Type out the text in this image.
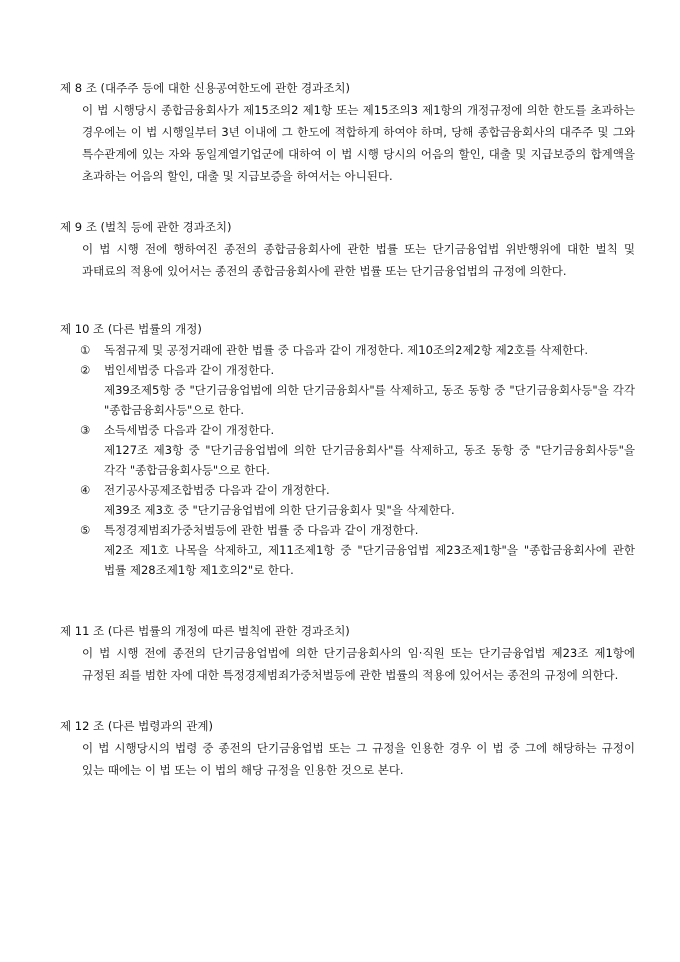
제 8 조 (대주주 등에 대한 신용공여한도에 관한 경과조치)
이 법 시행당시 종합금융회사가 제15조의2 제1항 또는 제15조의3 제1항의 개정규정에 의한 한도를 초과하는 경우에는 이 법 시행일부터 3년 이내에 그 한도에 적합하게 하여야 하며, 당해 종합금융회사의 대주주 및 그와 특수관계에 있는 자와 동일계열기업군에 대하여 이 법 시행 당시의 어음의 할인, 대출 및 지급보증의 합계액을 초과하는 어음의 할인, 대출 및 지급보증을 하여서는 아니된다.
제 9 조 (벌칙 등에 관한 경과조치)
이 법 시행 전에 행하여진 종전의 종합금융회사에 관한 법률 또는 단기금융업법 위반행위에 대한 벌칙 및 과태료의 적용에 있어서는 종전의 종합금융회사에 관한 법률 또는 단기금융업법의 규정에 의한다.
제 10 조 (다른 법률의 개정)
①	독점규제 및 공정거래에 관한 법률 중 다음과 같이 개정한다. 제10조의2제2항 제2호를 삭제한다.
②	법인세법중 다음과 같이 개정한다.
제39조제5항 중 "단기금융업법에 의한 단기금융회사"를 삭제하고, 동조 동항 중 "단기금융회사등"을 각각 "종합금융회사등"으로 한다.
③	소득세법중 다음과 같이 개정한다.
제127조 제3항 중 "단기금융업법에 의한 단기금융회사"를 삭제하고, 동조 동항 중 "단기금융회사등"을 각각 "종합금융회사등"으로 한다.
④	전기공사공제조합법중 다음과 같이 개정한다.
제39조 제3호 중 "단기금융업법에 의한 단기금융회사 및"을 삭제한다.
⑤	특정경제범죄가중처벌등에 관한 법률 중 다음과 같이 개정한다.
제2조 제1호 나목을 삭제하고, 제11조제1항 중 "단기금융업법 제23조제1항"을 "종합금융회사에 관한 법률 제28조제1항 제1호의2"로 한다.
제 11 조 (다른 법률의 개정에 따른 벌칙에 관한 경과조치)
이 법 시행 전에 종전의 단기금융업법에 의한 단기금융회사의 임·직원 또는 단기금융업법 제23조 제1항에 규정된 죄를 범한 자에 대한 특정경제범죄가중처벌등에 관한 법률의 적용에 있어서는 종전의 규정에 의한다.
제 12 조 (다른 법령과의 관계)
이 법 시행당시의 법령 중 종전의 단기금융업법 또는 그 규정을 인용한 경우 이 법 중 그에 해당하는 규정이 있는 때에는 이 법 또는 이 법의 해당 규정을 인용한 것으로 본다.
